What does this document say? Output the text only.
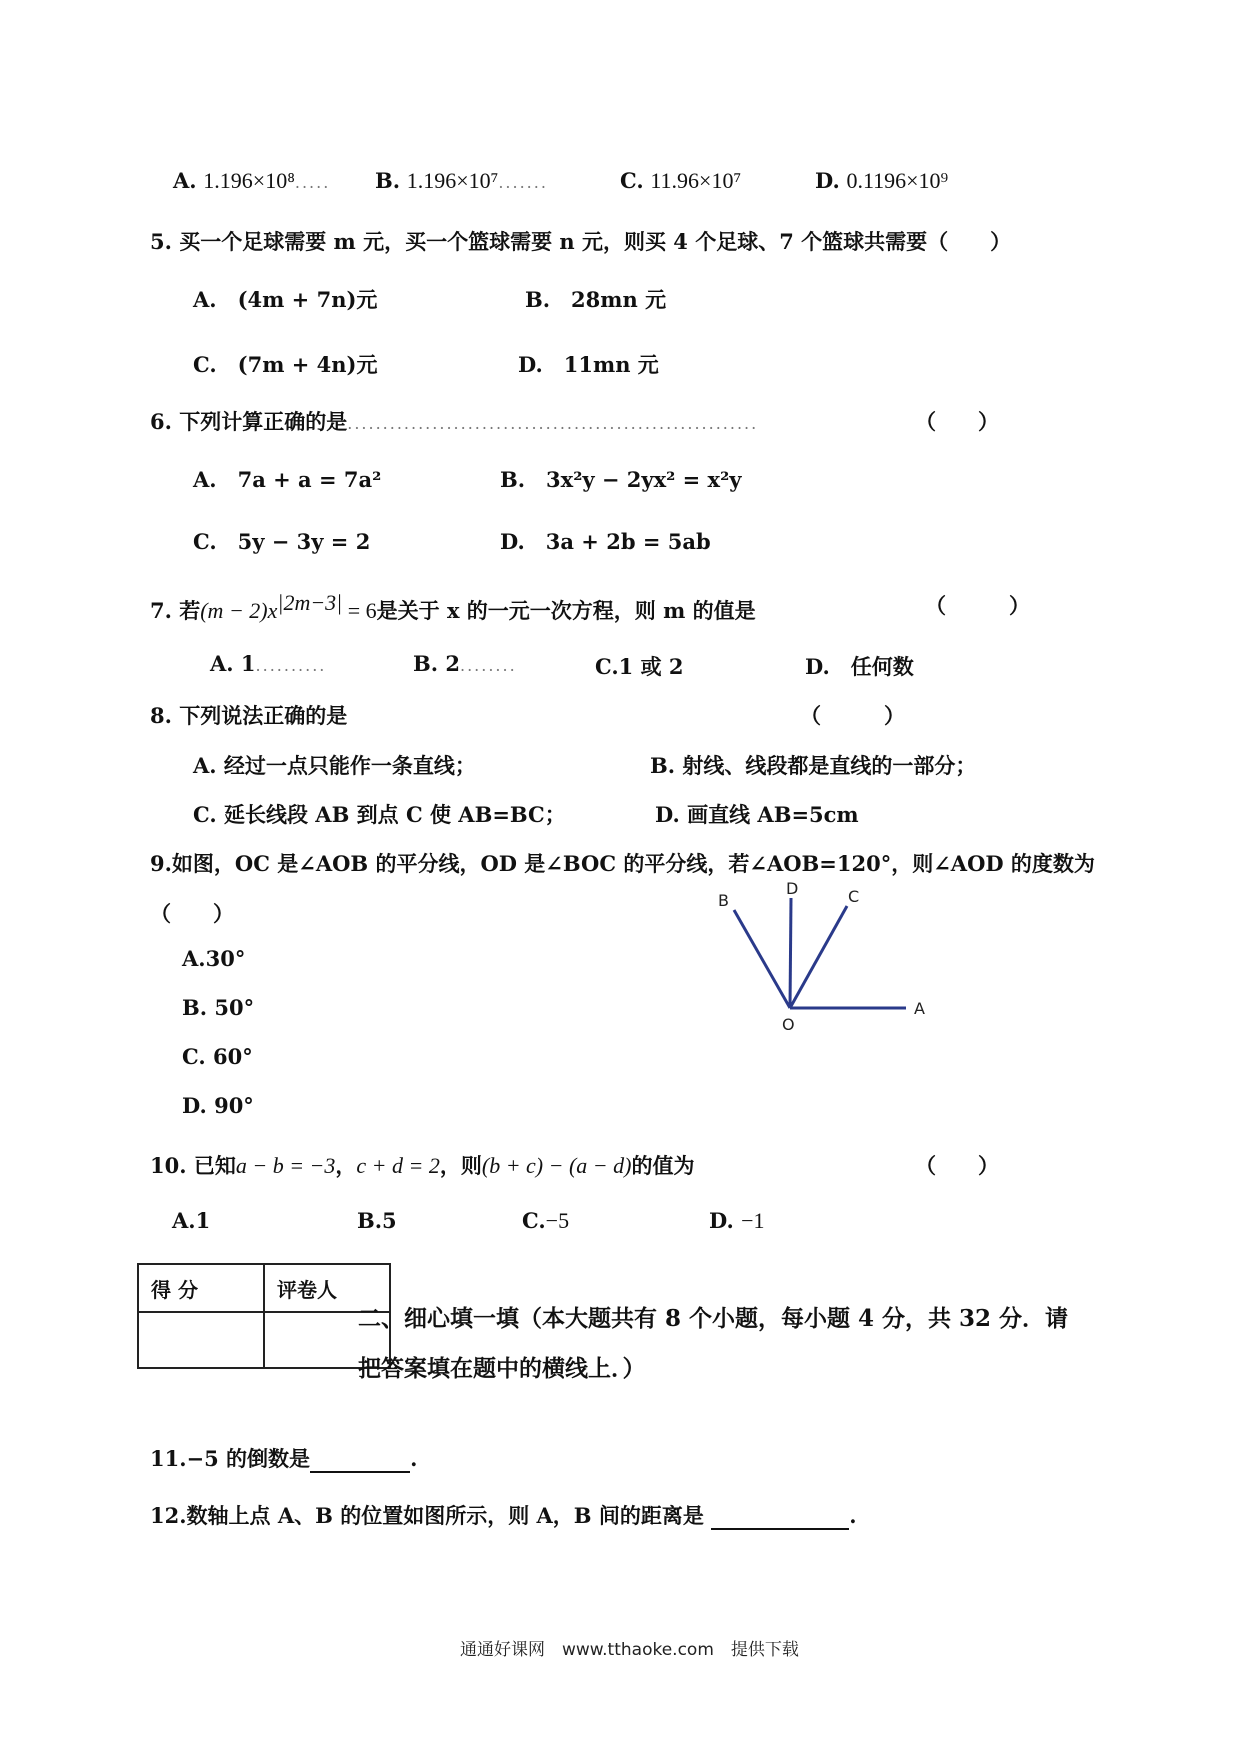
A. 1.196×10⁸..... B. 1.196×10⁷.......	C. 11.96×10⁷	D. 0.1196×10⁹
5. 买一个足球需要 m 元，买一个篮球需要 n 元，则买 4 个足球、7 个篮球共需要（　　）
A.　(4m + 7n)元	B.　28mn 元
C.　(7m + 4n)元	D.　11mn 元
6. 下列计算正确的是..........................................................	（　　）
A.　7a + a = 7a²	B.　3x²y − 2yx² = x²y
C.　5y − 3y = 2	D.　3a + 2b = 5ab
7. 若$(m - 2)x^{|2m-3|} = 6$是关于 x 的一元一次方程，则 m 的值是	（　　　）
A. 1..........	B. 2........	C.1 或 2	D.　任何数
8. 下列说法正确的是	（　　　）
A. 经过一点只能作一条直线；	B. 射线、线段都是直线的一部分；
C. 延长线段 AB 到点 C 使 AB=BC；	D. 画直线 AB=5cm
9.如图，OC 是∠AOB 的平分线，OD 是∠BOC 的平分线，若∠AOB=120°，则∠AOD 的度数为
（　　）
A.30°
B. 50°
C. 60°
D. 90°
B
D	C
O
A
10. 已知a − b = −3，c + d = 2，则(b + c) − (a − d)的值为	（　　）
A.1	B.5	C.−5	D. −1
得 分	评卷人

二、细心填一填（本大题共有 8 个小题，每小题 4 分，共 32 分．请
把答案填在题中的横线上．）
11.−5 的倒数是	.
12.数轴上点 A、B 的位置如图所示，则 A，B 间的距离是	.
通通好课网　www.tthaoke.com　提供下载
